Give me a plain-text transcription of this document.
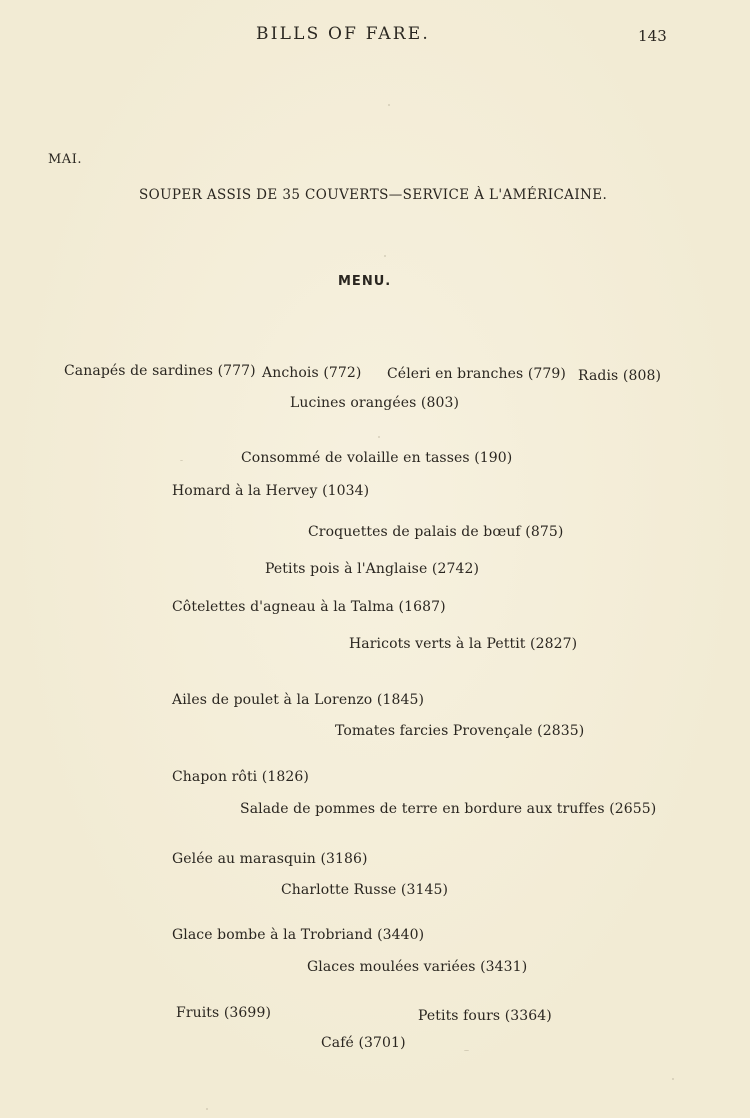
BILLS OF FARE.	143
MAI.
SOUPER ASSIS DE 35 COUVERTS—SERVICE À L'AMÉRICAINE.
MENU.
Canapés de sardines (777) Anchois (772) Céleri en branches (779) Radis (808)
Lucines orangées (803)
Consommé de volaille en tasses (190)
Homard à la Hervey (1034)
Croquettes de palais de bœuf (875)
Petits pois à l'Anglaise (2742)
Côtelettes d'agneau à la Talma (1687)
Haricots verts à la Pettit (2827)
Ailes de poulet à la Lorenzo (1845)
Tomates farcies Provençale (2835)
Chapon rôti (1826)
Salade de pommes de terre en bordure aux truffes (2655)
Gelée au marasquin (3186)
Charlotte Russe (3145)
Glace bombe à la Trobriand (3440)
Glaces moulées variées (3431)
Fruits (3699)	Petits fours (3364)
Café (3701)
